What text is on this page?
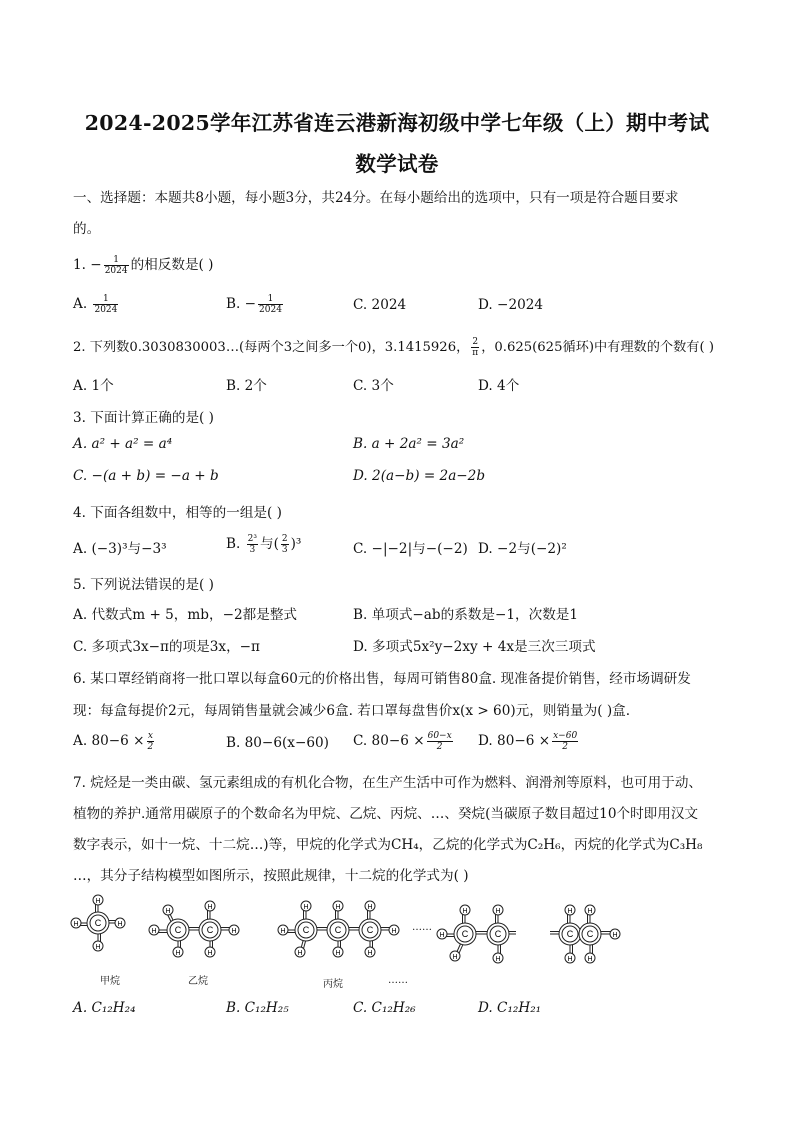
2024-2025学年江苏省连云港新海初级中学七年级（上）期中考试
数学试卷
一、选择题：本题共8小题，每小题3分，共24分。在每小题给出的选项中，只有一项是符合题目要求
的。
1. − $\frac{1}{2024}$ 的相反数是( )
A. $\frac{1}{2024}$	B. − $\frac{1}{2024}$	C. 2024	D. −2024
2. 下列数0.3030830003…(每两个3之间多一个0)，3.1415926， $\frac{2}{\pi}$ ，0.625(625循环)中有理数的个数有( )
A. 1个	B. 2个	C. 3个	D. 4个
3. 下面计算正确的是( )
A. a² + a² = a⁴	B. a + 2a² = 3a²
C. −(a + b) = −a + b	D. 2(a−b) = 2a−2b
4. 下面各组数中，相等的一组是( )
A. (−3)³与−3³	B. $\frac{\text{2³}}{3}$ 与( $\frac{2}{3} )^3$	C. −|−2|与−(−2) D. −2与(−2)²
5. 下列说法错误的是( )
A. 代数式m + 5，mb，−2都是整式	B. 单项式−ab的系数是−1，次数是1
C. 多项式3x−π的项是3x，−π	D. 多项式5x²y−2xy + 4x是三次三项式
6. 某口罩经销商将一批口罩以每盒60元的价格出售，每周可销售80盒. 现准备提价销售，经市场调研发
现：每盒每提价2元，每周销售量就会减少6盒. 若口罩每盘售价x(x > 60)元，则销量为( )盒.
A. $80-6 \times \frac{x}{2}$	B. 80−6(x−60) C. $80-6 \times \frac{60-x}{2} D$. $80-6 \times \frac{x-60}{2}$
7. 烷烃是一类由碳、氢元素组成的有机化合物，在生产生活中可作为燃料、润滑剂等原料，也可用于动、
植物的养护.通常用碳原子的个数命名为甲烷、乙烷、丙烷、…、癸烷(当碳原子数目超过10个时即用汉文
数字表示，如十一烷、十二烷…)等，甲烷的化学式为CH₄，乙烷的化学式为C₂H₆，丙烷的化学式为C₃H₈
…，其分子结构模型如图所示，按照此规律，十二烷的化学式为( )
H
H	H
H
C
H
H
H
C
H
H
H
C
H
H
H
C
H
H
C
H
H
H
C
H
H
H
C
H
H
C
H
H
C
H
H
H
C
甲烷	乙烷	丙烷	……
……
A. C₁₂H₂₄	B. C₁₂H₂₅	C. C₁₂H₂₆	D. C₁₂H₂₁
